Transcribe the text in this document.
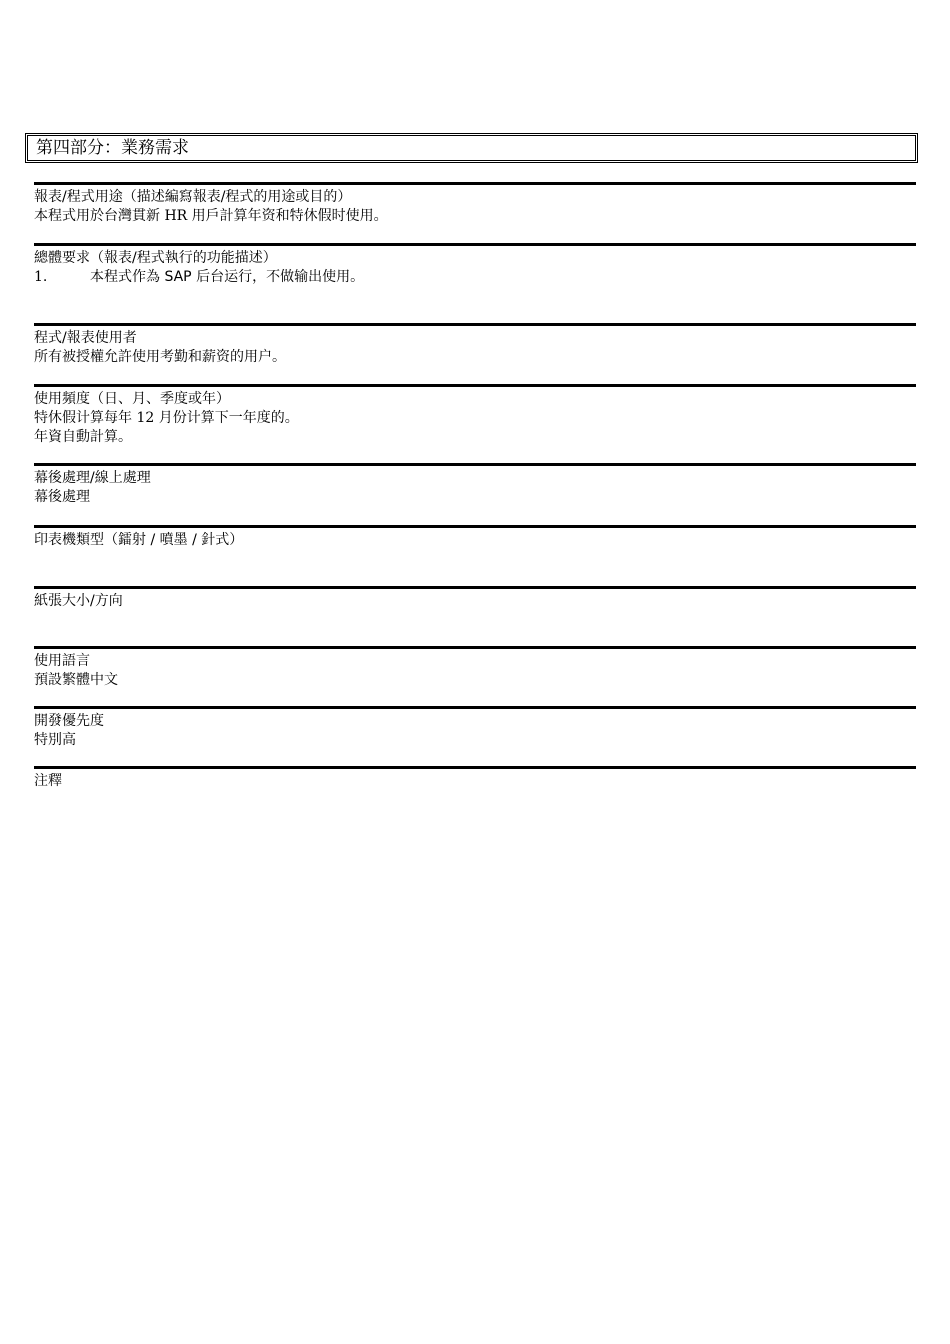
第四部分：業務需求
報表/程式用途（描述編寫報表/程式的用途或目的）
本程式用於台灣貫新 HR 用戶計算年资和特休假时使用。
總體要求（報表/程式執行的功能描述）
1.	本程式作為 SAP 后台运行，不做输出使用。
程式/報表使用者
所有被授權允許使用考勤和薪资的用户。
使用頻度（日、月、季度或年）
特休假计算每年 12 月份计算下一年度的。
年資自動計算。
幕後處理/線上處理
幕後處理
印表機類型（鐳射 / 噴墨 / 針式）
紙張大小/方向
使用語言
預設繁體中文
開發優先度
特別高
注釋
